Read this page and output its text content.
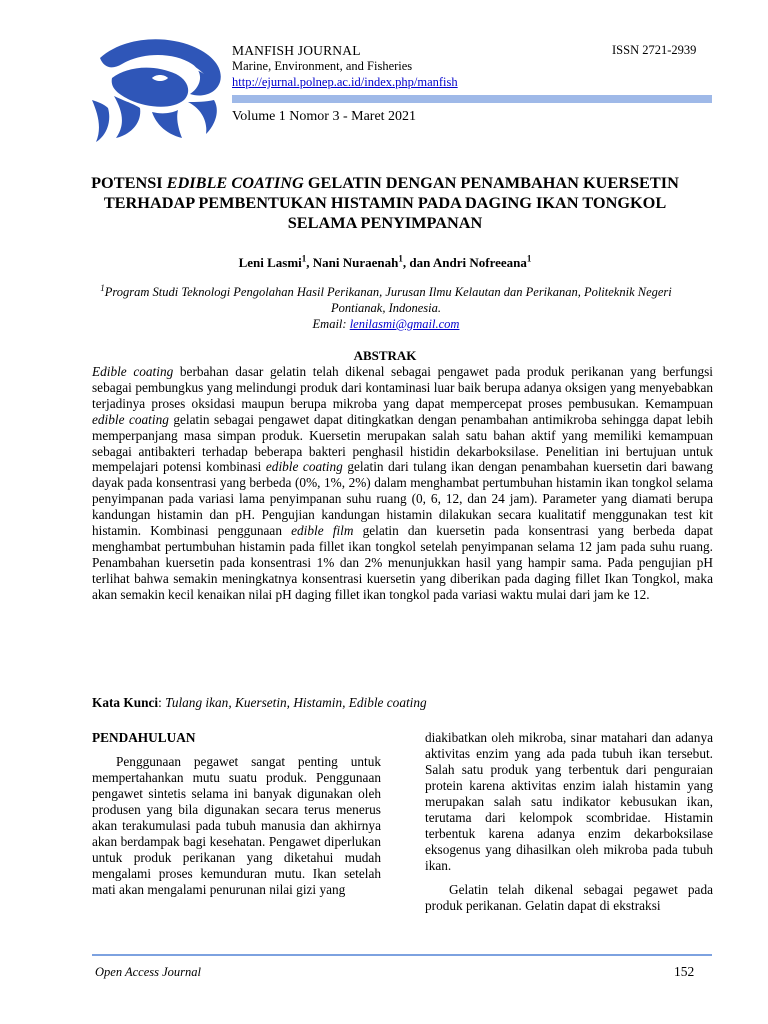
MANFISH JOURNAL
Marine, Environment, and Fisheries
http://ejurnal.polnep.ac.id/index.php/manfish
ISSN 2721-2939
Volume 1 Nomor 3 - Maret 2021
POTENSI EDIBLE COATING GELATIN DENGAN PENAMBAHAN KUERSETIN TERHADAP PEMBENTUKAN HISTAMIN PADA DAGING IKAN TONGKOL SELAMA PENYIMPANAN
Leni Lasmi$^1$, Nani Nuraenah$^1$, dan Andri Nofreeana$^1$
$^1$Program Studi Teknologi Pengolahan Hasil Perikanan, Jurusan Ilmu Kelautan dan Perikanan, Politeknik Negeri Pontianak, Indonesia.
Email: lenilasmi@gmail.com
ABSTRAK
Edible coating berbahan dasar gelatin telah dikenal sebagai pengawet pada produk perikanan yang berfungsi sebagai pembungkus yang melindungi produk dari kontaminasi luar baik berupa adanya oksigen yang menyebabkan terjadinya proses oksidasi maupun berupa mikroba yang dapat mempercepat proses pembusukan. Kemampuan edible coating gelatin sebagai pengawet dapat ditingkatkan dengan penambahan antimikroba sehingga dapat lebih memperpanjang masa simpan produk. Kuersetin merupakan salah satu bahan aktif yang memiliki kemampuan sebagai antibakteri terhadap beberapa bakteri penghasil histidin dekarboksilase. Penelitian ini bertujuan untuk mempelajari potensi kombinasi edible coating gelatin dari tulang ikan dengan penambahan kuersetin dari bawang dayak pada konsentrasi yang berbeda (0%, 1%, 2%) dalam menghambat pertumbuhan histamin ikan tongkol selama penyimpanan pada variasi lama penyimpanan suhu ruang (0, 6, 12, dan 24 jam). Parameter yang diamati berupa kandungan histamin dan pH. Pengujian kandungan histamin dilakukan secara kualitatif menggunakan test kit histamin. Kombinasi penggunaan edible film gelatin dan kuersetin pada konsentrasi yang berbeda dapat menghambat pertumbuhan histamin pada fillet ikan tongkol setelah penyimpanan selama 12 jam pada suhu ruang. Penambahan kuersetin pada konsentrasi 1% dan 2% menunjukkan hasil yang hampir sama. Pada pengujian pH terlihat bahwa semakin meningkatnya konsentrasi kuersetin yang diberikan pada daging fillet Ikan Tongkol, maka akan semakin kecil kenaikan nilai pH daging fillet ikan tongkol pada variasi waktu mulai dari jam ke 12.
Kata Kunci: Tulang ikan, Kuersetin, Histamin, Edible coating

PENDAHULUAN

Penggunaan pegawet sangat penting untuk mempertahankan mutu suatu produk. Penggunaan pengawet sintetis selama ini banyak digunakan oleh produsen yang bila digunakan secara terus menerus akan terakumulasi pada tubuh manusia dan akhirnya akan berdampak bagi kesehatan. Pengawet diperlukan untuk produk perikanan yang diketahui mudah mengalami proses kemunduran mutu. Ikan setelah mati akan mengalami penurunan nilai gizi yang

diakibatkan oleh mikroba, sinar matahari dan adanya aktivitas enzim yang ada pada tubuh ikan tersebut. Salah satu produk yang terbentuk dari penguraian protein karena aktivitas enzim ialah histamin yang merupakan salah satu indikator kebusukan ikan, terutama dari kelompok scombridae. Histamin terbentuk karena adanya enzim dekarboksilase eksogenus yang dihasilkan oleh mikroba pada tubuh ikan.

Gelatin telah dikenal sebagai pegawet pada produk perikanan. Gelatin dapat di ekstraksi

Open Access Journal	152
